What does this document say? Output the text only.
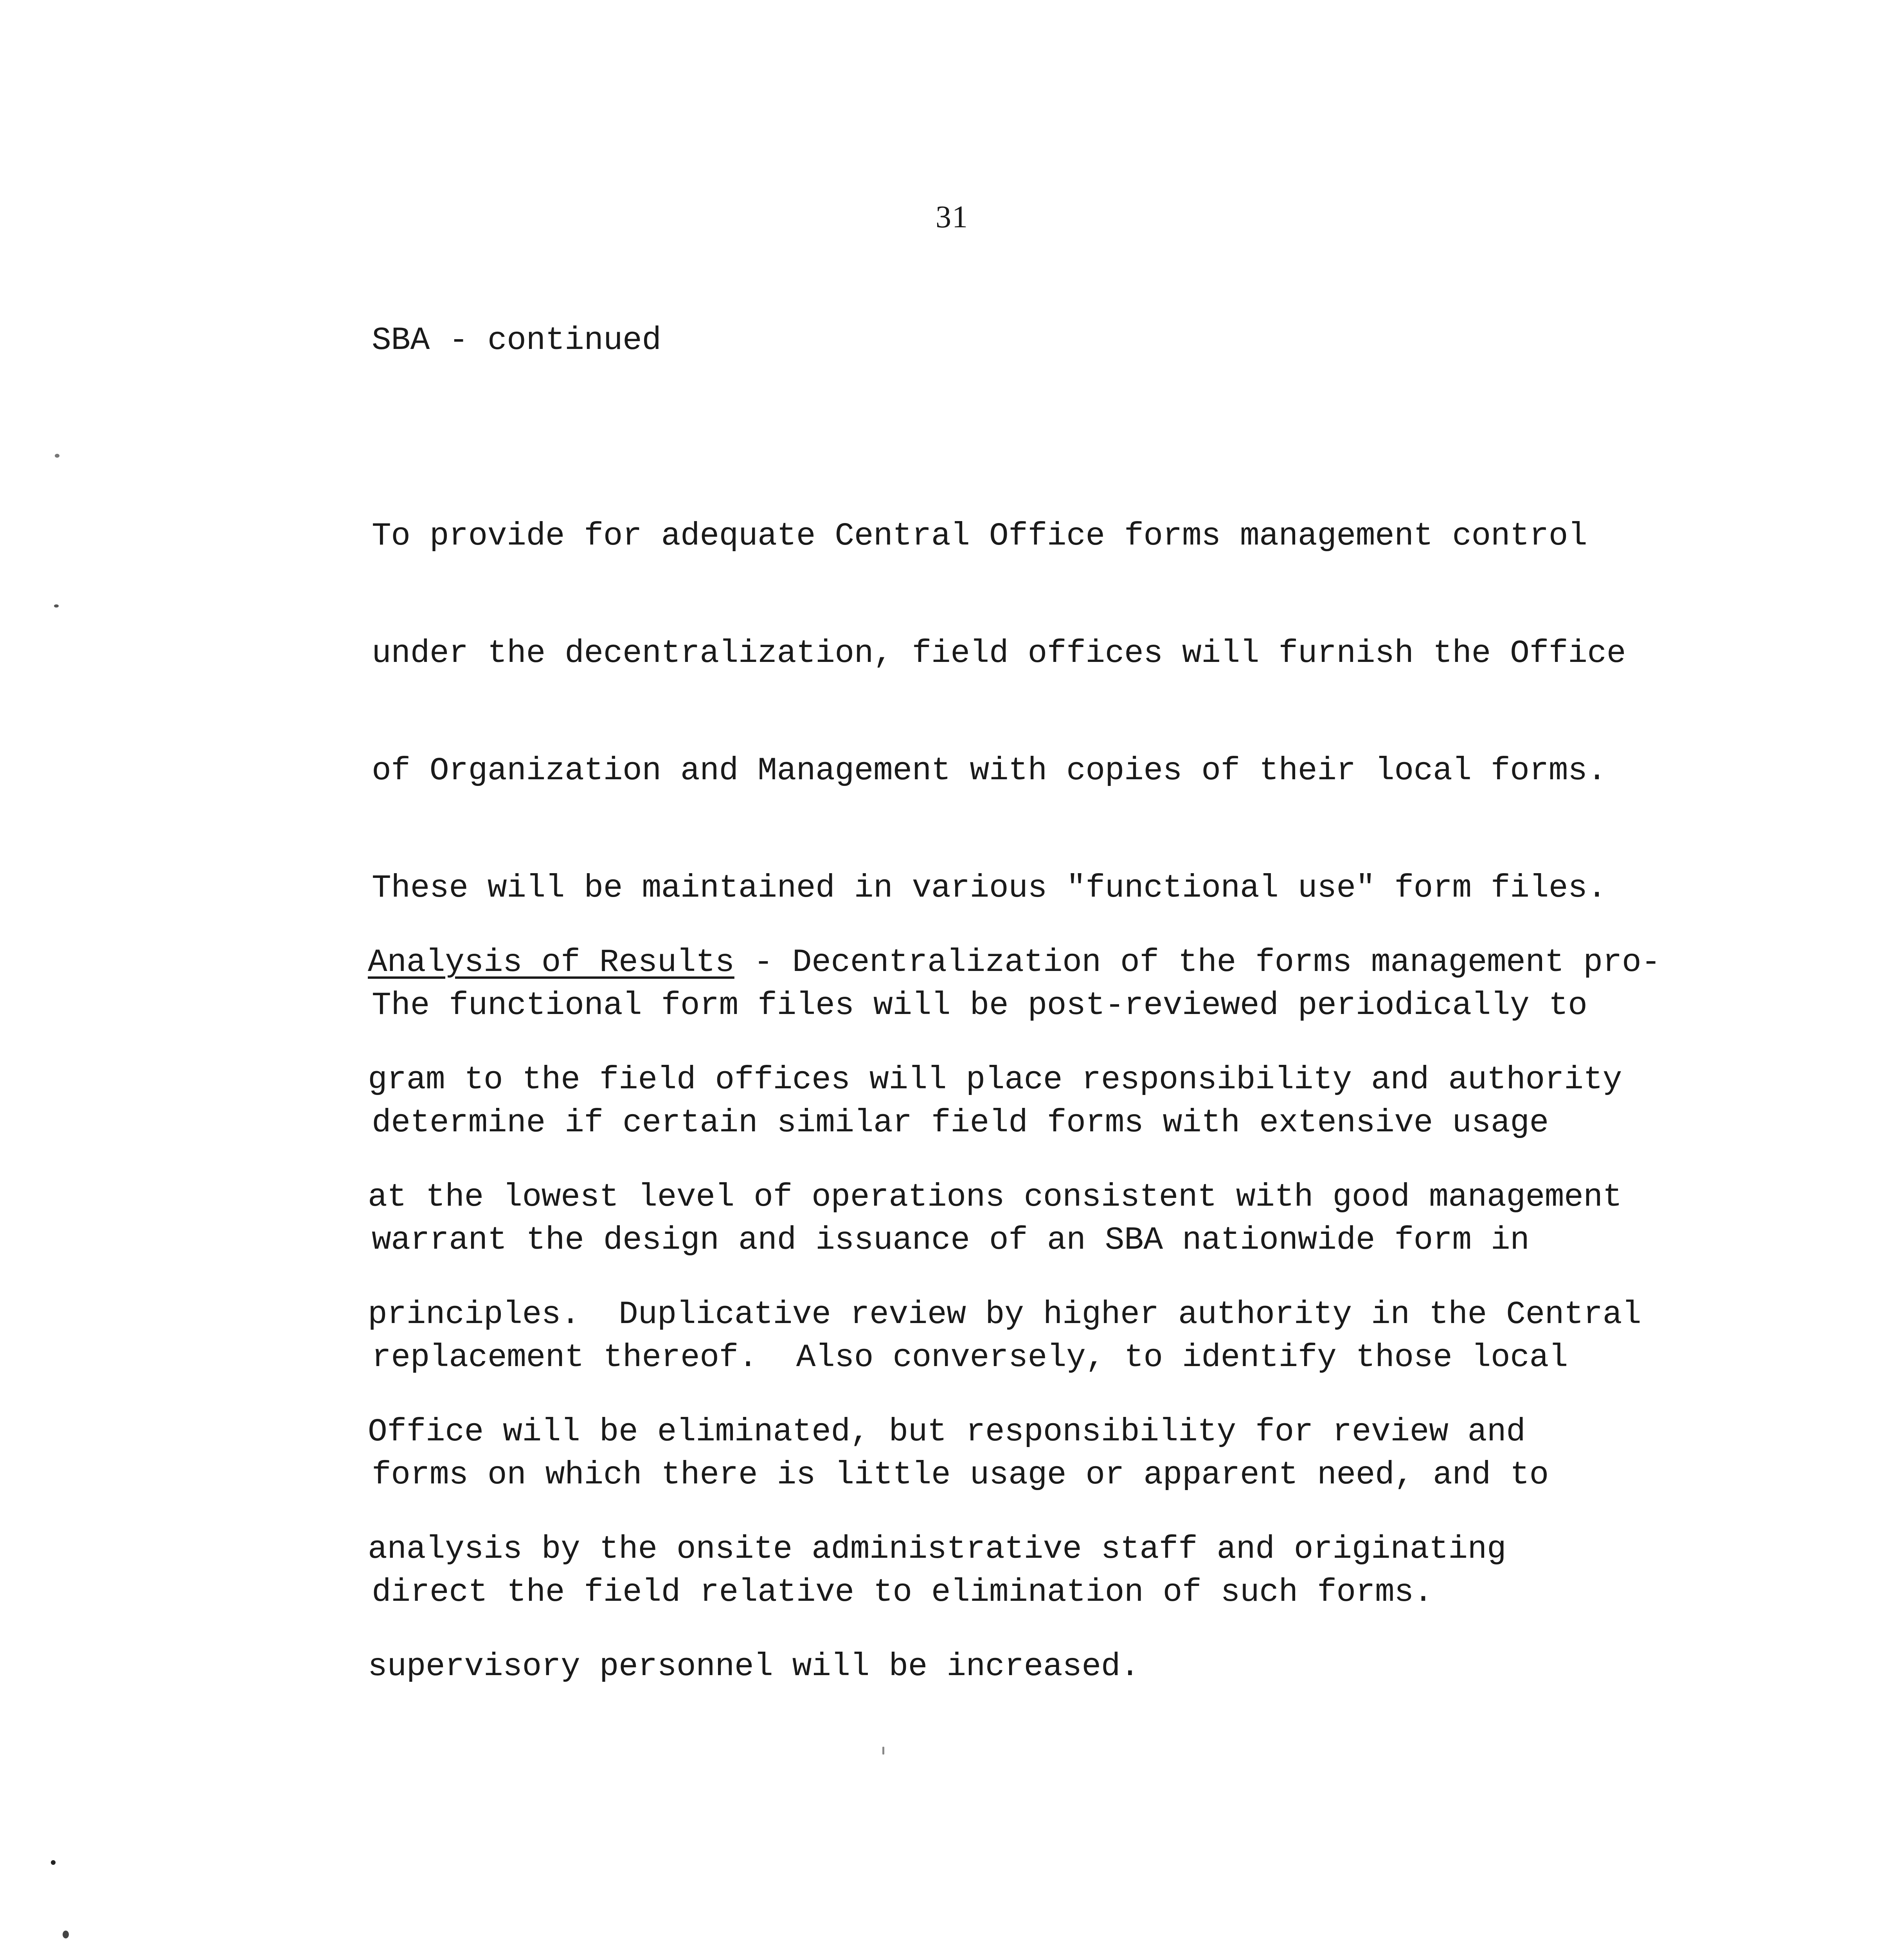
31
SBA - continued

To provide for adequate Central Office forms management control

under the decentralization, field offices will furnish the Office

of Organization and Management with copies of their local forms.

These will be maintained in various "functional use" form files.

The functional form files will be post-reviewed periodically to

determine if certain similar field forms with extensive usage

warrant the design and issuance of an SBA nationwide form in

replacement thereof.  Also conversely, to identify those local

forms on which there is little usage or apparent need, and to

direct the field relative to elimination of such forms.

Analysis of Results - Decentralization of the forms management pro-

gram to the field offices will place responsibility and authority

at the lowest level of operations consistent with good management

principles.  Duplicative review by higher authority in the Central

Office will be eliminated, but responsibility for review and

analysis by the onsite administrative staff and originating

supervisory personnel will be increased.
